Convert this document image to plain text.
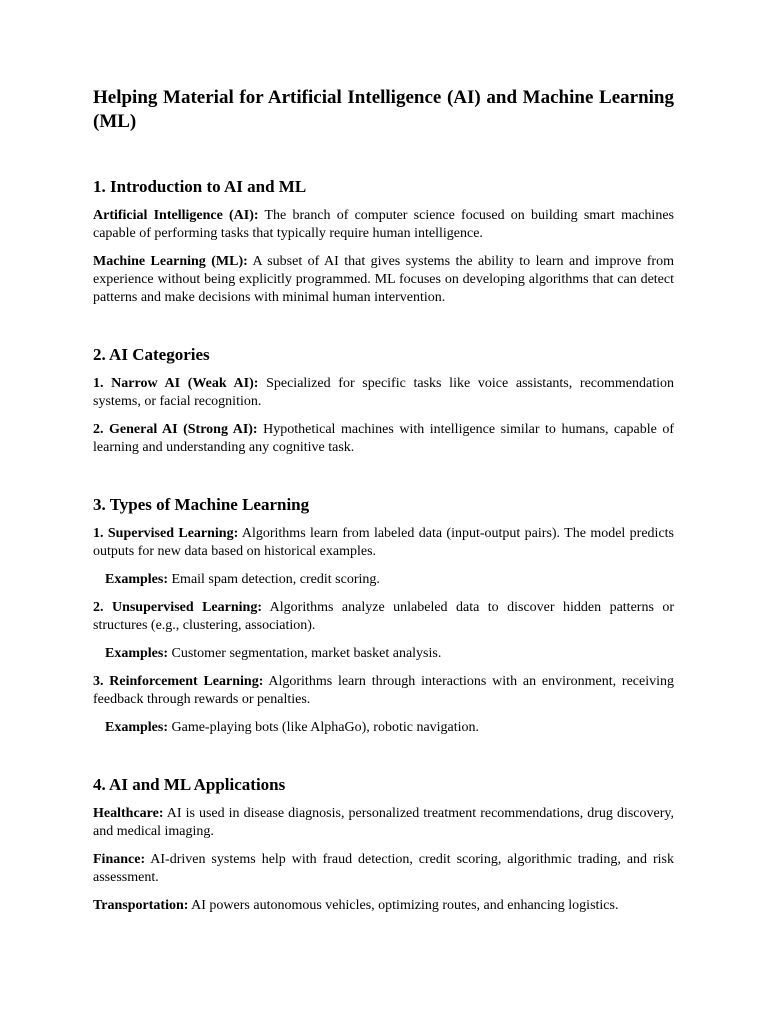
Helping Material for Artificial Intelligence (AI) and Machine Learning (ML)
1. Introduction to AI and ML

Artificial Intelligence (AI): The branch of computer science focused on building smart machines capable of performing tasks that typically require human intelligence.

Machine Learning (ML): A subset of AI that gives systems the ability to learn and improve from experience without being explicitly programmed. ML focuses on developing algorithms that can detect patterns and make decisions with minimal human intervention.

2. AI Categories

1. Narrow AI (Weak AI): Specialized for specific tasks like voice assistants, recommendation systems, or facial recognition.

2. General AI (Strong AI): Hypothetical machines with intelligence similar to humans, capable of learning and understanding any cognitive task.

3. Types of Machine Learning

1. Supervised Learning: Algorithms learn from labeled data (input-output pairs). The model predicts outputs for new data based on historical examples.

Examples: Email spam detection, credit scoring.

2. Unsupervised Learning: Algorithms analyze unlabeled data to discover hidden patterns or structures (e.g., clustering, association).

Examples: Customer segmentation, market basket analysis.

3. Reinforcement Learning: Algorithms learn through interactions with an environment, receiving feedback through rewards or penalties.

Examples: Game-playing bots (like AlphaGo), robotic navigation.

4. AI and ML Applications

Healthcare: AI is used in disease diagnosis, personalized treatment recommendations, drug discovery, and medical imaging.

Finance: AI-driven systems help with fraud detection, credit scoring, algorithmic trading, and risk assessment.

Transportation: AI powers autonomous vehicles, optimizing routes, and enhancing logistics.
